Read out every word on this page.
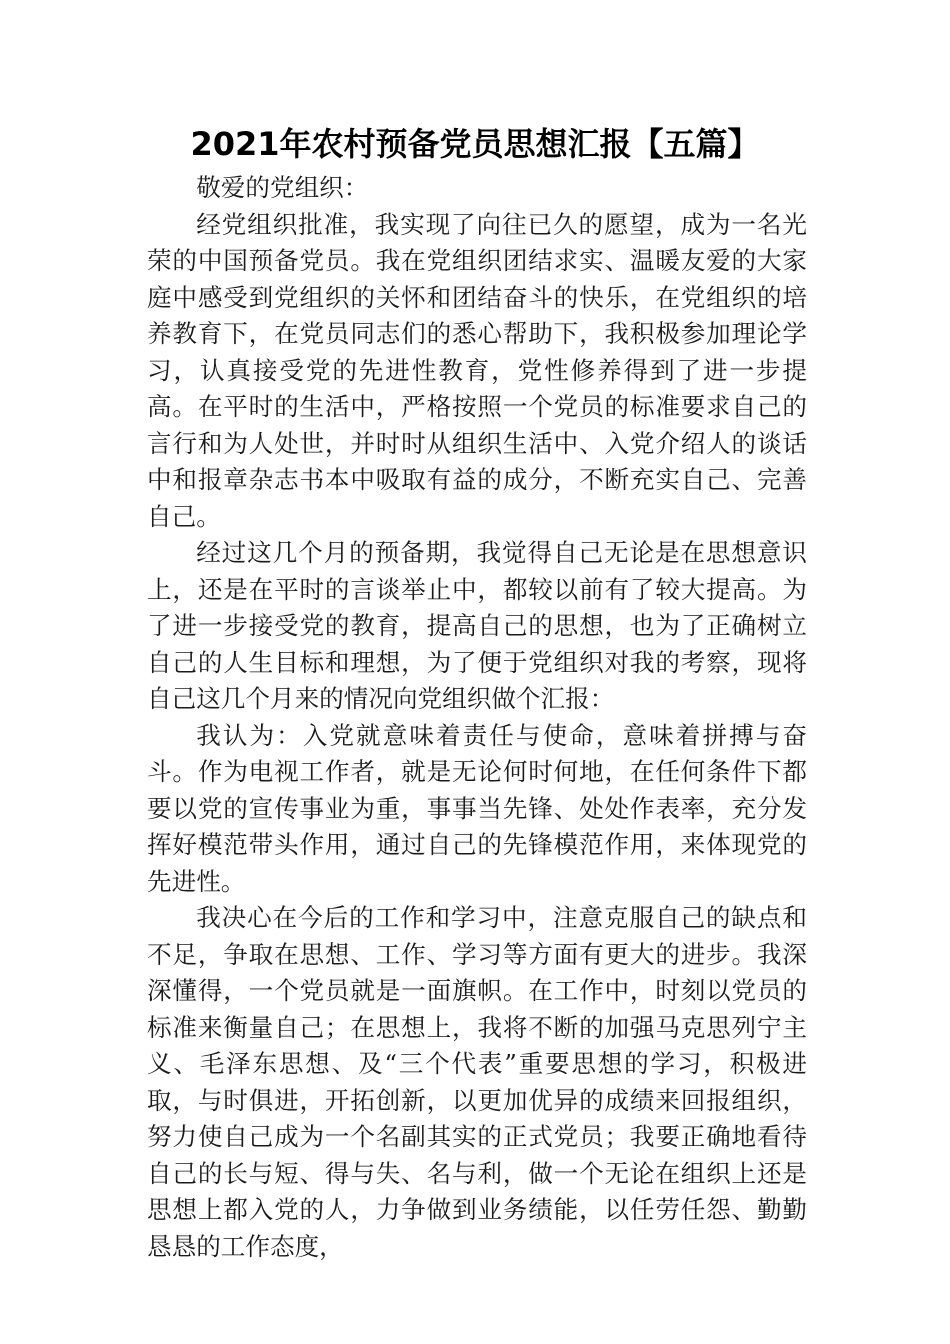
2021年农村预备党员思想汇报【五篇】

敬爱的党组织：

经党组织批准，我实现了向往已久的愿望，成为一名光荣的中国预备党员。我在党组织团结求实、温暖友爱的大家庭中感受到党组织的关怀和团结奋斗的快乐，在党组织的培养教育下，在党员同志们的悉心帮助下，我积极参加理论学习，认真接受党的先进性教育，党性修养得到了进一步提高。在平时的生活中，严格按照一个党员的标准要求自己的言行和为人处世，并时时从组织生活中、入党介绍人的谈话中和报章杂志书本中吸取有益的成分，不断充实自己、完善自己。

经过这几个月的预备期，我觉得自己无论是在思想意识上，还是在平时的言谈举止中，都较以前有了较大提高。为了进一步接受党的教育，提高自己的思想，也为了正确树立自己的人生目标和理想，为了便于党组织对我的考察，现将自己这几个月来的情况向党组织做个汇报：

我认为：入党就意味着责任与使命，意味着拼搏与奋斗。作为电视工作者，就是无论何时何地，在任何条件下都要以党的宣传事业为重，事事当先锋、处处作表率，充分发挥好模范带头作用，通过自己的先锋模范作用，来体现党的先进性。

我决心在今后的工作和学习中，注意克服自己的缺点和不足，争取在思想、工作、学习等方面有更大的进步。我深深懂得，一个党员就是一面旗帜。在工作中，时刻以党员的标准来衡量自己；在思想上，我将不断的加强马克思列宁主义、毛泽东思想、及“三个代表”重要思想的学习，积极进取，与时俱进，开拓创新，以更加优异的成绩来回报组织，努力使自己成为一个名副其实的正式党员；我要正确地看待自己的长与短、得与失、名与利，做一个无论在组织上还是思想上都入党的人，力争做到业务绩能，以任劳任怨、勤勤恳恳的工作态度，
